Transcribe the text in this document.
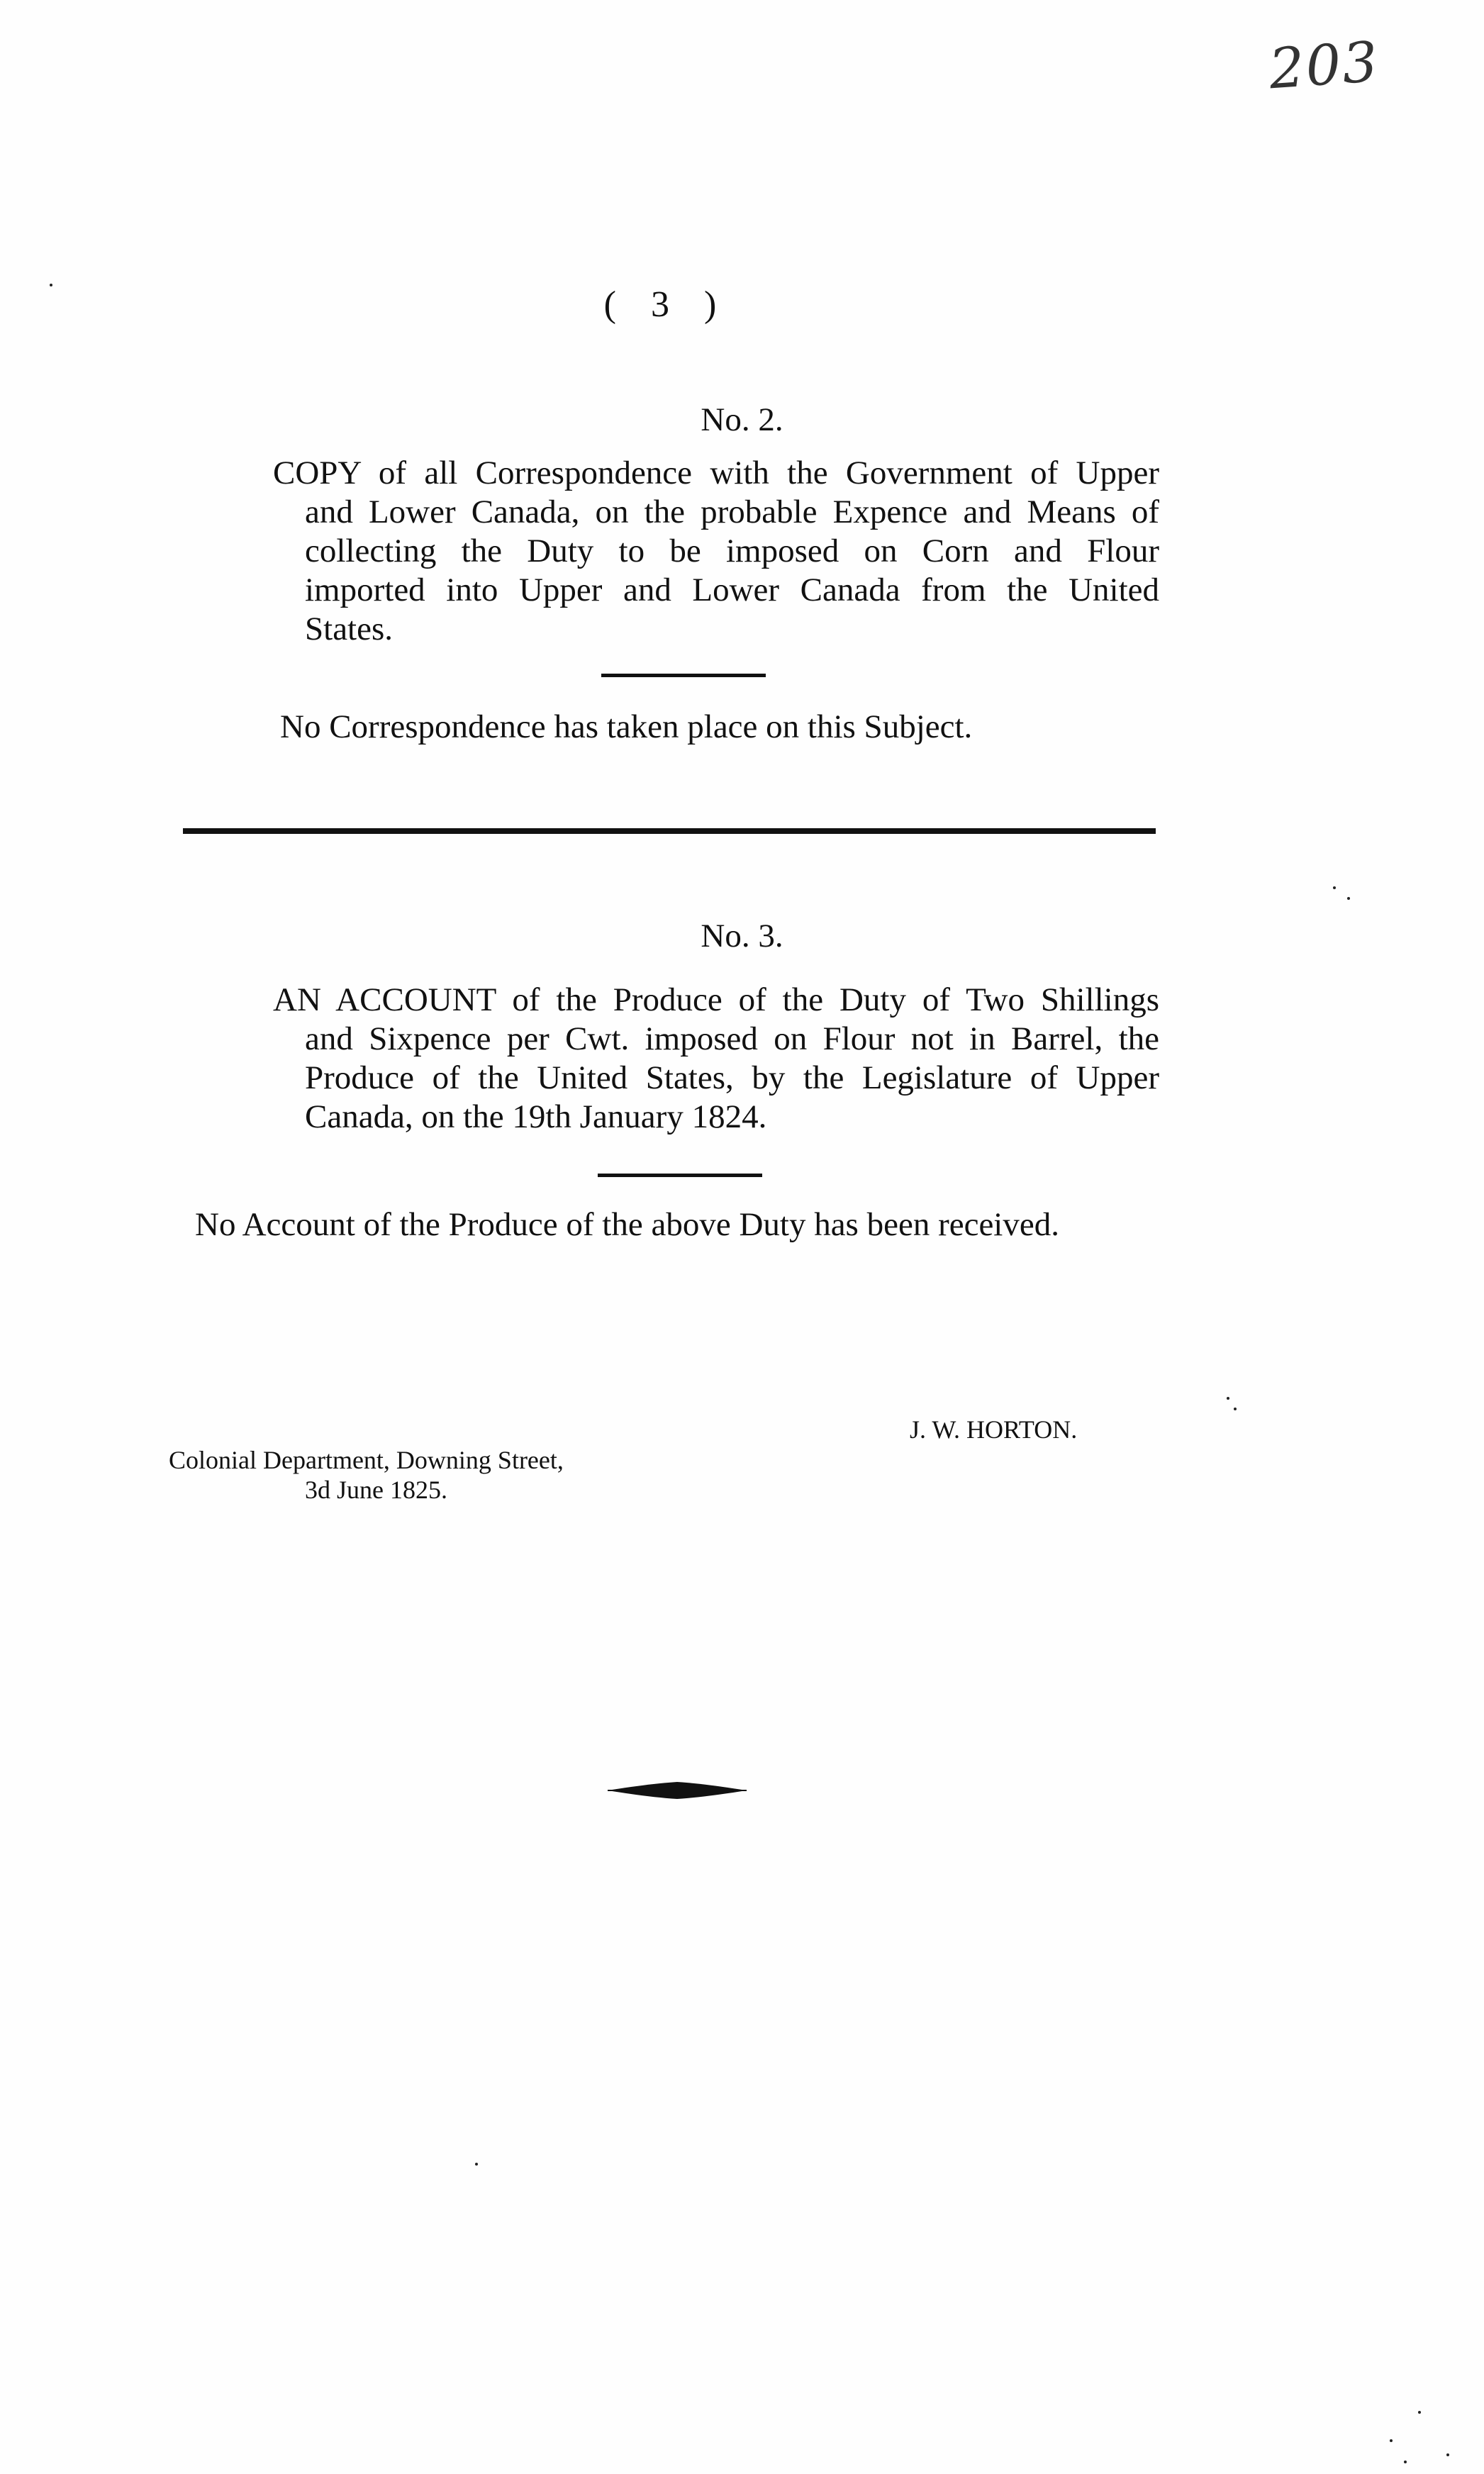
203
( 3 )
No. 2.
COPY of all Correspondence with the Government of Upper
and Lower Canada, on the probable Expence and Means of
collecting the Duty to be imposed on Corn and Flour
imported into Upper and Lower Canada from the United
States.
No Correspondence has taken place on this Subject.
No. 3.
AN ACCOUNT of the Produce of the Duty of Two Shillings
and Sixpence per Cwt. imposed on Flour not in Barrel, the
Produce of the United States, by the Legislature of Upper
Canada, on the 19th January 1824.
No Account of the Produce of the above Duty has been received.
J. W. HORTON.
Colonial Department, Downing Street,
3d June 1825.
